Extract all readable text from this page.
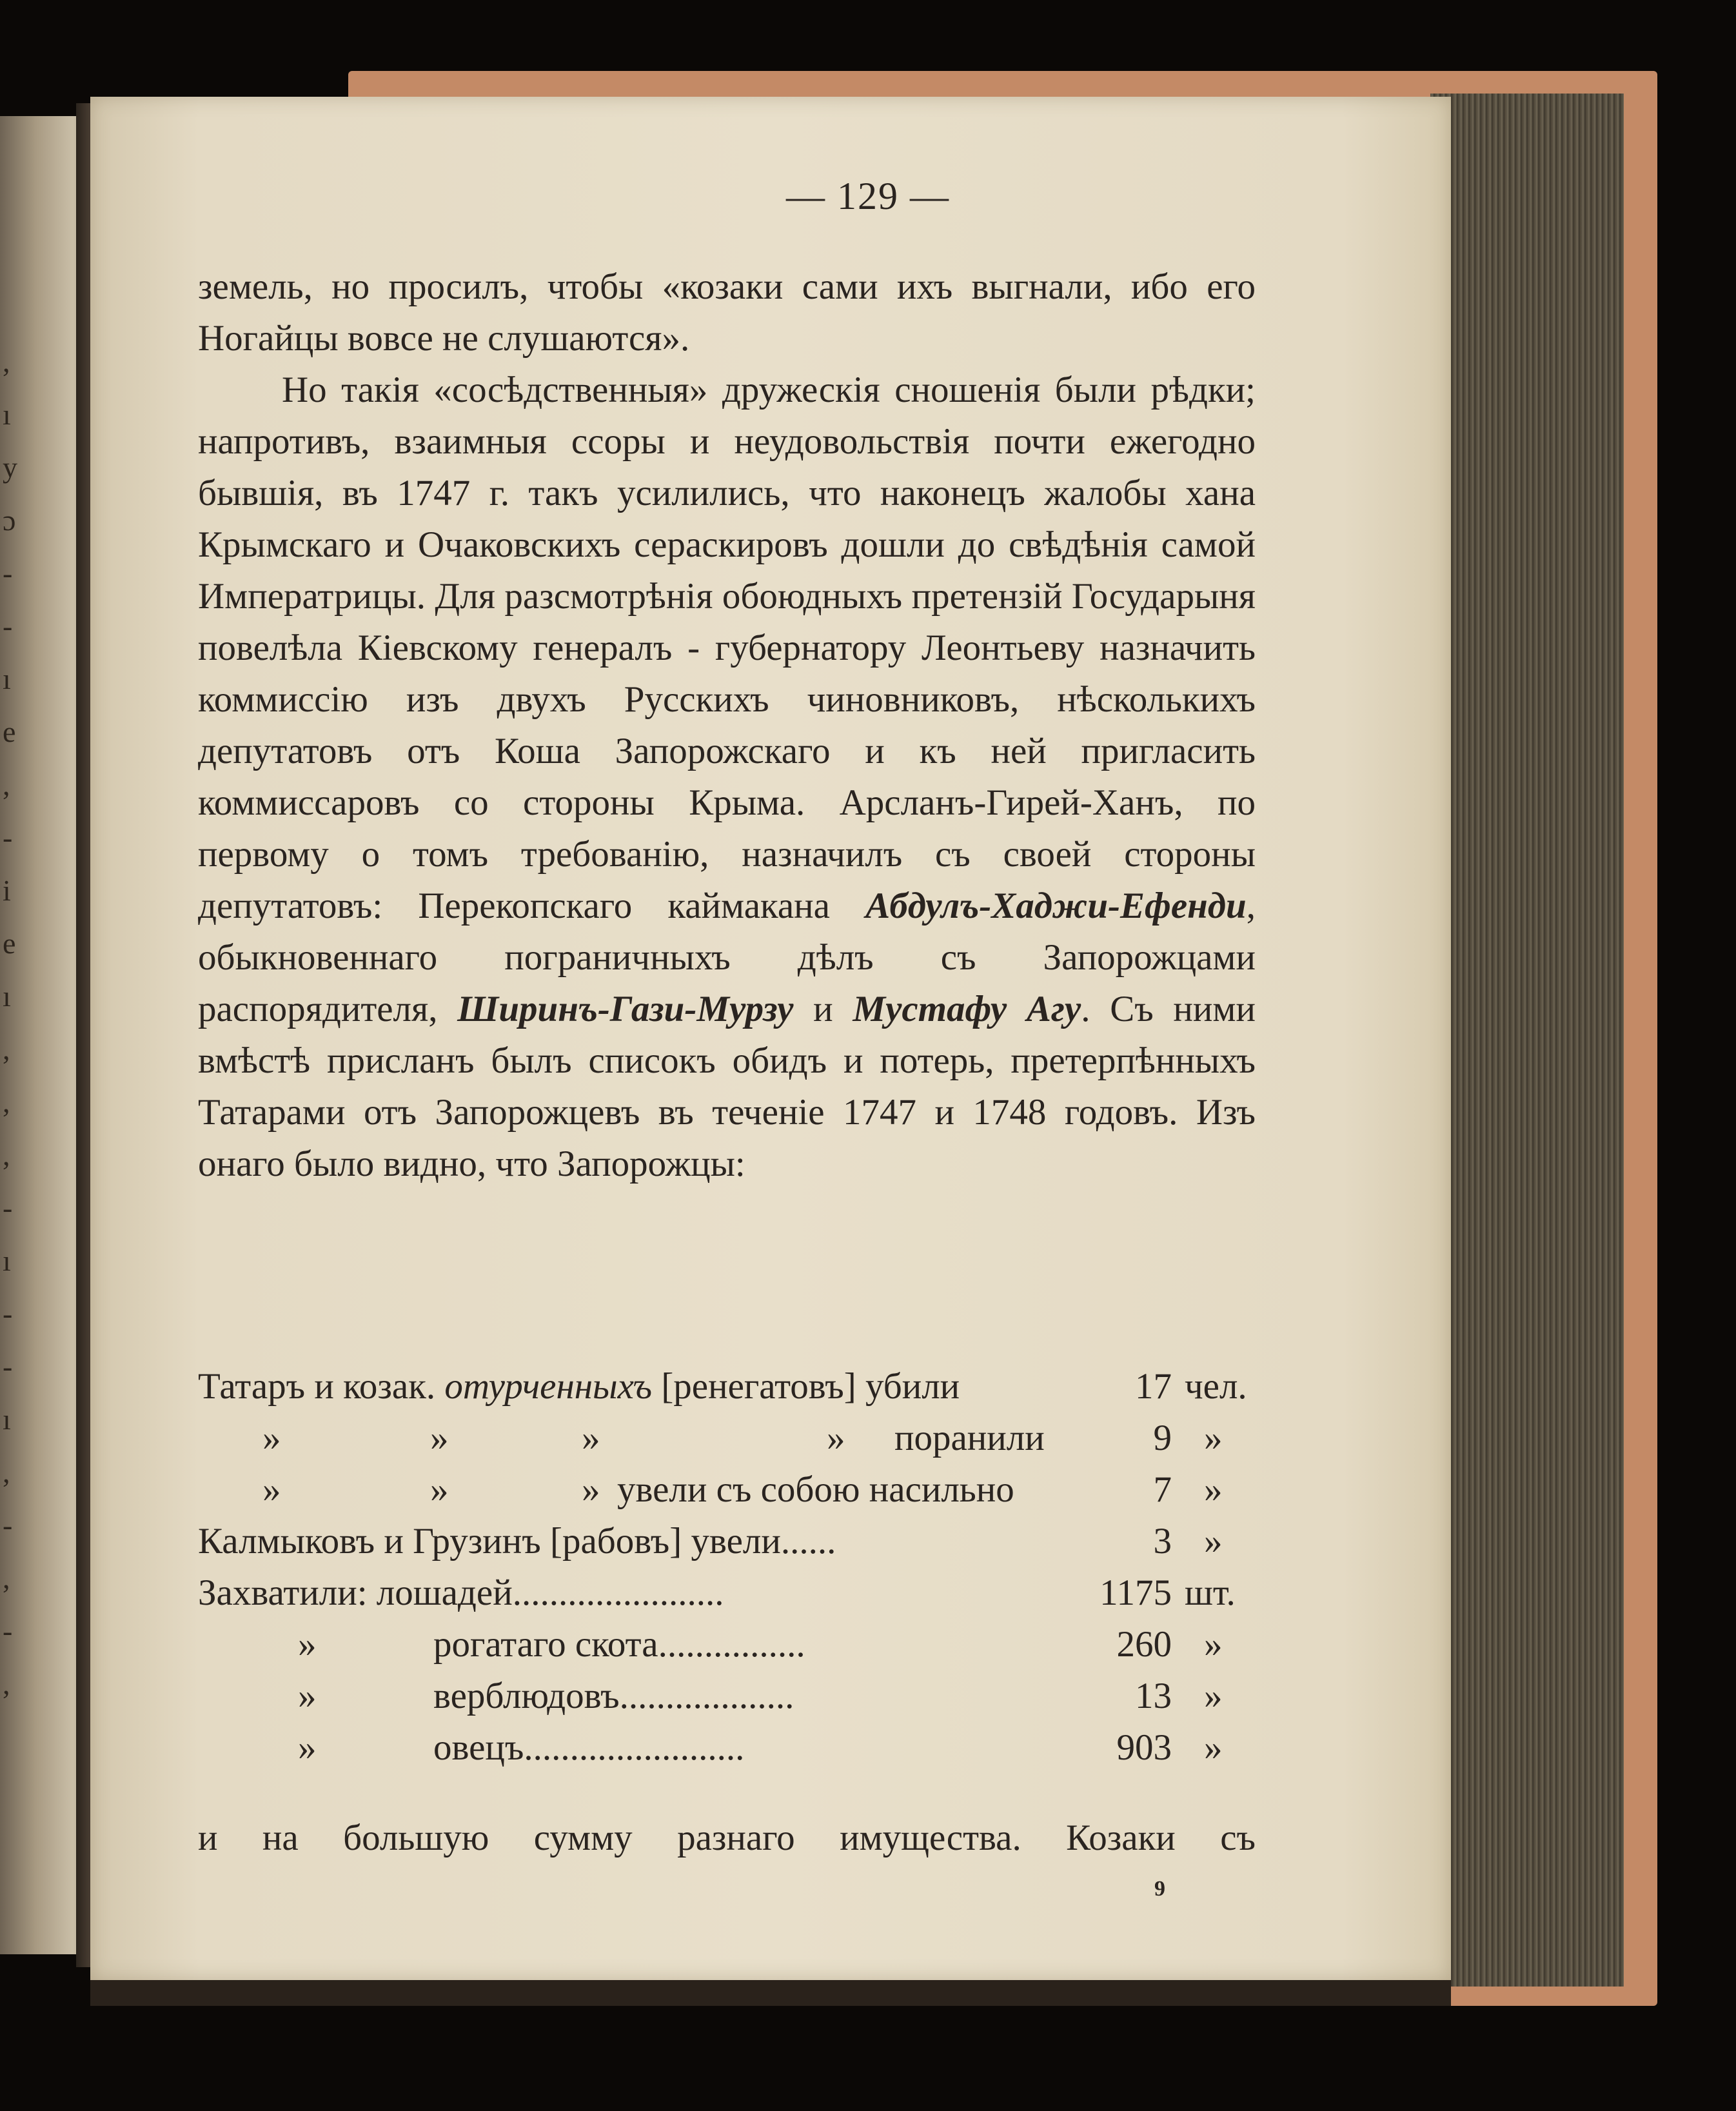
,
ı
y
ɔ
-
-
ı
e
,
-
i
e
ı
,
,
,
-
ı
-
-
ı
,
-
,
-
,
— 129 —

земель, но просилъ, чтобы «козаки сами ихъ выгнали, ибо его Ногайцы вовсе не слушаются».

Но такія «сосѣдственныя» дружескія сношенія были рѣдки; напротивъ, взаимныя ссоры и неудовольствія почти ежегодно бывшія, въ 1747 г. такъ усилились, что наконецъ жалобы хана Крымскаго и Очаковскихъ сераскировъ дошли до свѣдѣнія самой Императрицы. Для разсмотрѣнія обоюдныхъ претензій Государыня повелѣла Кіевскому генералъ - губернатору Леонтьеву назначить коммиссію изъ двухъ Русскихъ чиновниковъ, нѣсколькихъ депутатовъ отъ Коша Запорожскаго и къ ней пригласить коммиссаровъ со стороны Крыма. Арсланъ-Гирей-Ханъ, по первому о томъ требованію, назначилъ съ своей стороны депутатовъ: Перекопскаго каймакана Абдулъ-Хаджи-Ефенди, обыкновеннаго пограничныхъ дѣлъ съ Запорожцами распорядителя, Ширинъ-Гази-Мурзу и Мустафу Агу. Съ ними вмѣстѣ присланъ былъ списокъ обидъ и потерь, претерпѣнныхъ Татарами отъ Запорожцевъ въ теченіе 1747 и 1748 годовъ. Изъ онаго было видно, что Запорожцы:

Татаръ и козак. отурченныхъ [ренегатовъ] убили	17 чел.
»	»	»	» поранили	9 »
»	»	» увели съ собою насильно	7 »
Калмыковъ и Грузинъ [рабовъ] увели......	3 »
Захватили: лошадей.......................	1175 шт.
»	рогатаго скота................	260 »
»	верблюдовъ...................	13 »
»	овецъ........................	903 »
и на большую сумму разнаго имущества. Козаки съ
9
